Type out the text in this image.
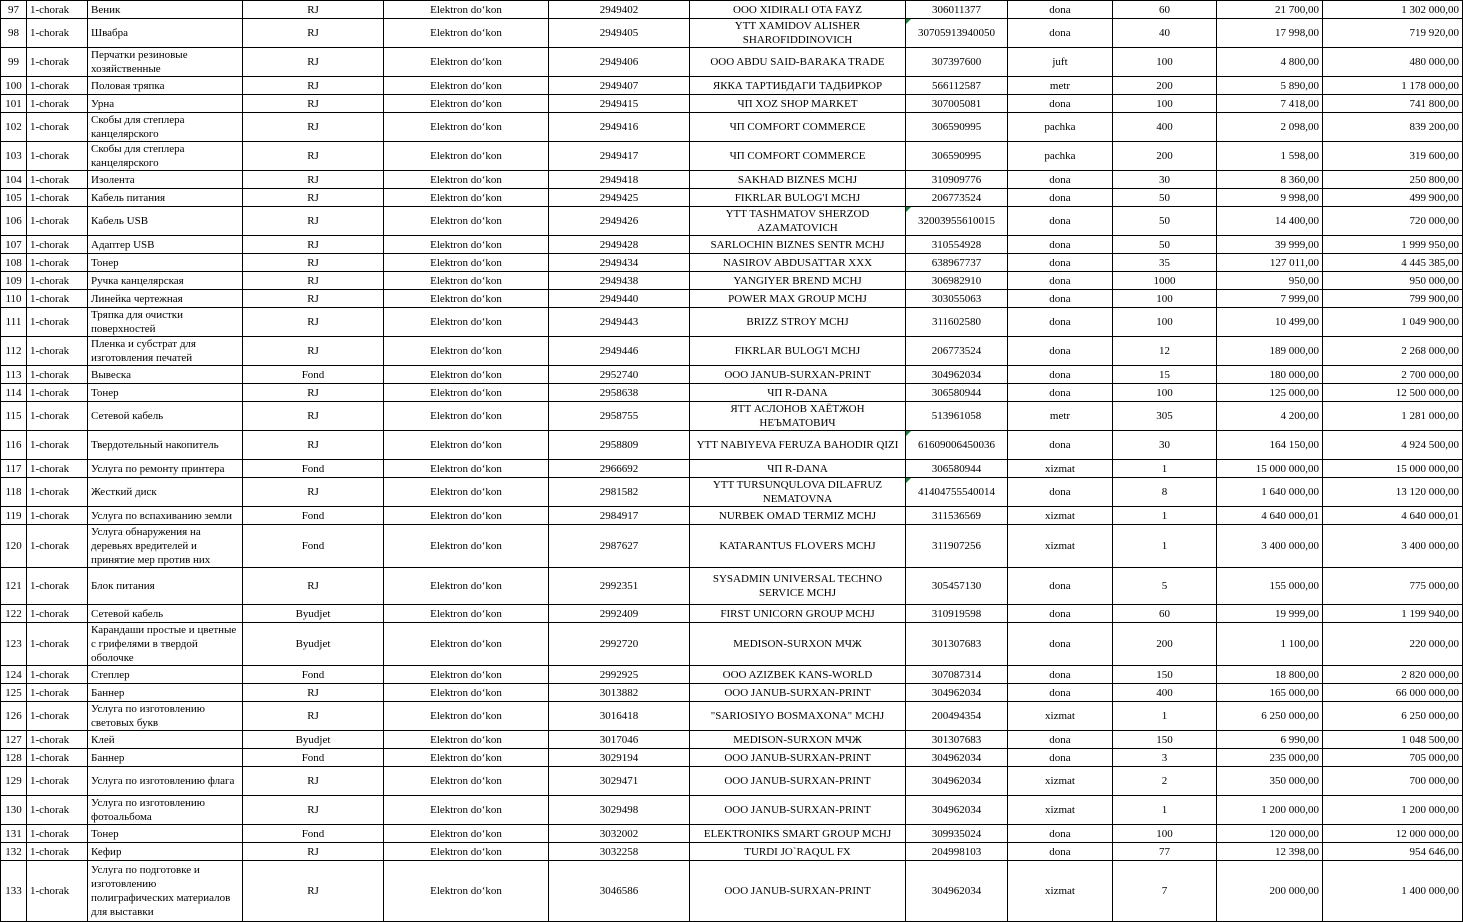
97	1-chorak	Веник	RJ	Elektron do‘kon	2949402	OOO XIDIRALI OTA FAYZ	306011377	dona	60	21 700,00	1 302 000,00
98	1-chorak	Швабра	RJ	Elektron do‘kon	2949405	YTT XAMIDOV ALISHER SHAROFIDDINOVICH	30705913940050	dona	40	17 998,00	719 920,00
99	1-chorak	Перчатки резиновые хозяйственные	RJ	Elektron do‘kon	2949406	OOO ABDU SAID-BARAKA TRADE	307397600	juft	100	4 800,00	480 000,00
100	1-chorak	Половая тряпка	RJ	Elektron do‘kon	2949407	ЯККА ТАРТИБДАГИ ТАДБИРКОР	566112587	metr	200	5 890,00	1 178 000,00
101	1-chorak	Урна	RJ	Elektron do‘kon	2949415	ЧП XOZ SHOP MARKET	307005081	dona	100	7 418,00	741 800,00
102	1-chorak	Скобы для степлера канцелярского	RJ	Elektron do‘kon	2949416	ЧП COMFORT COMMERCE	306590995	pachka	400	2 098,00	839 200,00
103	1-chorak	Скобы для степлера канцелярского	RJ	Elektron do‘kon	2949417	ЧП COMFORT COMMERCE	306590995	pachka	200	1 598,00	319 600,00
104	1-chorak	Изолента	RJ	Elektron do‘kon	2949418	SAKHAD BIZNES MCHJ	310909776	dona	30	8 360,00	250 800,00
105	1-chorak	Кабель питания	RJ	Elektron do‘kon	2949425	FIKRLAR BULOG'I MCHJ	206773524	dona	50	9 998,00	499 900,00
106	1-chorak	Кабель USB	RJ	Elektron do‘kon	2949426	YTT TASHMATOV SHERZOD AZAMATOVICH	32003955610015	dona	50	14 400,00	720 000,00
107	1-chorak	Адаптер USB	RJ	Elektron do‘kon	2949428	SARLOCHIN BIZNES SENTR MCHJ	310554928	dona	50	39 999,00	1 999 950,00
108	1-chorak	Тонер	RJ	Elektron do‘kon	2949434	NASIROV ABDUSATTAR XXX	638967737	dona	35	127 011,00	4 445 385,00
109	1-chorak	Ручка канцелярская	RJ	Elektron do‘kon	2949438	YANGIYER BREND MCHJ	306982910	dona	1000	950,00	950 000,00
110	1-chorak	Линейка чертежная	RJ	Elektron do‘kon	2949440	POWER MAX GROUP MCHJ	303055063	dona	100	7 999,00	799 900,00
111	1-chorak	Тряпка для очистки поверхностей	RJ	Elektron do‘kon	2949443	BRIZZ STROY MCHJ	311602580	dona	100	10 499,00	1 049 900,00
112	1-chorak	Пленка и субстрат для изготовления печатей	RJ	Elektron do‘kon	2949446	FIKRLAR BULOG'I MCHJ	206773524	dona	12	189 000,00	2 268 000,00
113	1-chorak	Вывеска	Fond	Elektron do‘kon	2952740	OOO JANUB-SURXAN-PRINT	304962034	dona	15	180 000,00	2 700 000,00
114	1-chorak	Тонер	RJ	Elektron do‘kon	2958638	ЧП R-DANA	306580944	dona	100	125 000,00	12 500 000,00
115	1-chorak	Сетевой кабель	RJ	Elektron do‘kon	2958755	ЯТТ АСЛОНОВ ХАЁТЖОН НЕЪМАТОВИЧ	513961058	metr	305	4 200,00	1 281 000,00
116	1-chorak	Твердотельный накопитель	RJ	Elektron do‘kon	2958809	YTT NABIYEVA FERUZA BAHODIR QIZI	61609006450036	dona	30	164 150,00	4 924 500,00
117	1-chorak	Услуга по ремонту принтера	Fond	Elektron do‘kon	2966692	ЧП R-DANA	306580944	xizmat	1	15 000 000,00	15 000 000,00
118	1-chorak	Жесткий диск	RJ	Elektron do‘kon	2981582	YTT TURSUNQULOVA DILAFRUZ NEMATOVNA	41404755540014	dona	8	1 640 000,00	13 120 000,00
119	1-chorak	Услуга по вспахиванию земли	Fond	Elektron do‘kon	2984917	NURBEK OMAD TERMIZ MCHJ	311536569	xizmat	1	4 640 000,01	4 640 000,01
120	1-chorak	Услуга обнаружения на деревьях вредителей и принятие мер против них	Fond	Elektron do‘kon	2987627	KATARANTUS FLOVERS MCHJ	311907256	xizmat	1	3 400 000,00	3 400 000,00
121	1-chorak	Блок питания	RJ	Elektron do‘kon	2992351	SYSADMIN UNIVERSAL TECHNO SERVICE MCHJ	305457130	dona	5	155 000,00	775 000,00
122	1-chorak	Сетевой кабель	Byudjet	Elektron do‘kon	2992409	FIRST UNICORN GROUP MCHJ	310919598	dona	60	19 999,00	1 199 940,00
123	1-chorak	Карандаши простые и цветные с грифелями в твердой оболочке	Byudjet	Elektron do‘kon	2992720	MEDISON-SURXON МЧЖ	301307683	dona	200	1 100,00	220 000,00
124	1-chorak	Степлер	Fond	Elektron do‘kon	2992925	OOO AZIZBEK KANS-WORLD	307087314	dona	150	18 800,00	2 820 000,00
125	1-chorak	Баннер	RJ	Elektron do‘kon	3013882	OOO JANUB-SURXAN-PRINT	304962034	dona	400	165 000,00	66 000 000,00
126	1-chorak	Услуга по изготовлению световых букв	RJ	Elektron do‘kon	3016418	"SARIOSIYO BOSMAXONA" MCHJ	200494354	xizmat	1	6 250 000,00	6 250 000,00
127	1-chorak	Клей	Byudjet	Elektron do‘kon	3017046	MEDISON-SURXON МЧЖ	301307683	dona	150	6 990,00	1 048 500,00
128	1-chorak	Баннер	Fond	Elektron do‘kon	3029194	OOO JANUB-SURXAN-PRINT	304962034	dona	3	235 000,00	705 000,00
129	1-chorak	Услуга по изготовлению флага	RJ	Elektron do‘kon	3029471	OOO JANUB-SURXAN-PRINT	304962034	xizmat	2	350 000,00	700 000,00
130	1-chorak	Услуга по изготовлению фотоальбома	RJ	Elektron do‘kon	3029498	OOO JANUB-SURXAN-PRINT	304962034	xizmat	1	1 200 000,00	1 200 000,00
131	1-chorak	Тонер	Fond	Elektron do‘kon	3032002	ELEKTRONIKS SMART GROUP MCHJ	309935024	dona	100	120 000,00	12 000 000,00
132	1-chorak	Кефир	RJ	Elektron do‘kon	3032258	TURDI JO`RAQUL FX	204998103	dona	77	12 398,00	954 646,00
133	1-chorak	Услуга по подготовке и изготовлению полиграфических материалов для выставки	RJ	Elektron do‘kon	3046586	OOO JANUB-SURXAN-PRINT	304962034	xizmat	7	200 000,00	1 400 000,00
